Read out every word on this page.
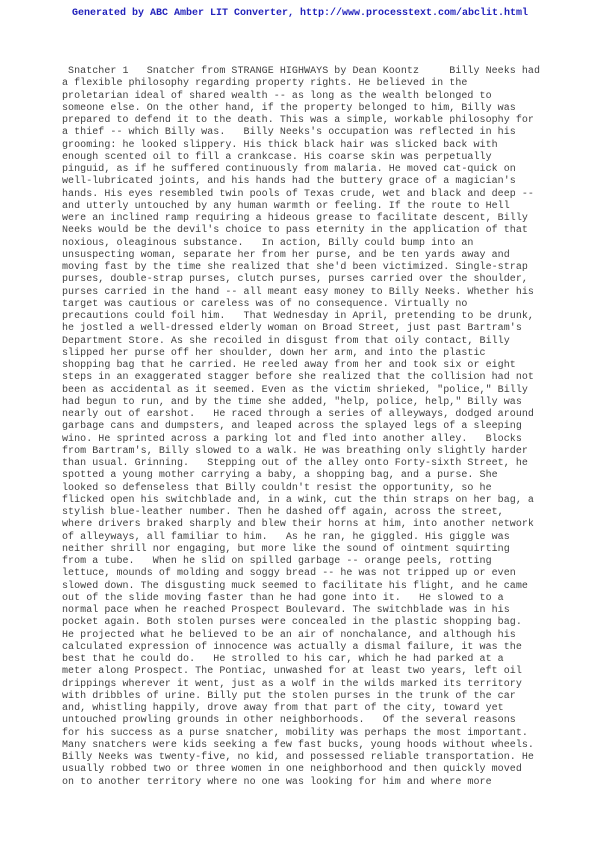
Generated by ABC Amber LIT Converter, http://www.processtext.com/abclit.html
Snatcher 1   Snatcher from STRANGE HIGHWAYS by Dean Koontz     Billy Neeks had
a flexible philosophy regarding property rights. He believed in the
proletarian ideal of shared wealth -- as long as the wealth belonged to
someone else. On the other hand, if the property belonged to him, Billy was
prepared to defend it to the death. This was a simple, workable philosophy for
a thief -- which Billy was.   Billy Neeks's occupation was reflected in his
grooming: he looked slippery. His thick black hair was slicked back with
enough scented oil to fill a crankcase. His coarse skin was perpetually
pinguid, as if he suffered continuously from malaria. He moved cat-quick on
well-lubricated joints, and his hands had the buttery grace of a magician's
hands. His eyes resembled twin pools of Texas crude, wet and black and deep --
and utterly untouched by any human warmth or feeling. If the route to Hell
were an inclined ramp requiring a hideous grease to facilitate descent, Billy
Neeks would be the devil's choice to pass eternity in the application of that
noxious, oleaginous substance.   In action, Billy could bump into an
unsuspecting woman, separate her from her purse, and be ten yards away and
moving fast by the time she realized that she'd been victimized. Single-strap
purses, double-strap purses, clutch purses, purses carried over the shoulder,
purses carried in the hand -- all meant easy money to Billy Neeks. Whether his
target was cautious or careless was of no consequence. Virtually no
precautions could foil him.   That Wednesday in April, pretending to be drunk,
he jostled a well-dressed elderly woman on Broad Street, just past Bartram's
Department Store. As she recoiled in disgust from that oily contact, Billy
slipped her purse off her shoulder, down her arm, and into the plastic
shopping bag that he carried. He reeled away from her and took six or eight
steps in an exaggerated stagger before she realized that the collision had not
been as accidental as it seemed. Even as the victim shrieked, "police," Billy
had begun to run, and by the time she added, "help, police, help," Billy was
nearly out of earshot.   He raced through a series of alleyways, dodged around
garbage cans and dumpsters, and leaped across the splayed legs of a sleeping
wino. He sprinted across a parking lot and fled into another alley.   Blocks
from Bartram's, Billy slowed to a walk. He was breathing only slightly harder
than usual. Grinning.   Stepping out of the alley onto Forty-sixth Street, he
spotted a young mother carrying a baby, a shopping bag, and a purse. She
looked so defenseless that Billy couldn't resist the opportunity, so he
flicked open his switchblade and, in a wink, cut the thin straps on her bag, a
stylish blue-leather number. Then he dashed off again, across the street,
where drivers braked sharply and blew their horns at him, into another network
of alleyways, all familiar to him.   As he ran, he giggled. His giggle was
neither shrill nor engaging, but more like the sound of ointment squirting
from a tube.   When he slid on spilled garbage -- orange peels, rotting
lettuce, mounds of molding and soggy bread -- he was not tripped up or even
slowed down. The disgusting muck seemed to facilitate his flight, and he came
out of the slide moving faster than he had gone into it.   He slowed to a
normal pace when he reached Prospect Boulevard. The switchblade was in his
pocket again. Both stolen purses were concealed in the plastic shopping bag.
He projected what he believed to be an air of nonchalance, and although his
calculated expression of innocence was actually a dismal failure, it was the
best that he could do.   He strolled to his car, which he had parked at a
meter along Prospect. The Pontiac, unwashed for at least two years, left oil
drippings wherever it went, just as a wolf in the wilds marked its territory
with dribbles of urine. Billy put the stolen purses in the trunk of the car
and, whistling happily, drove away from that part of the city, toward yet
untouched prowling grounds in other neighborhoods.   Of the several reasons
for his success as a purse snatcher, mobility was perhaps the most important.
Many snatchers were kids seeking a few fast bucks, young hoods without wheels.
Billy Neeks was twenty-five, no kid, and possessed reliable transportation. He
usually robbed two or three women in one neighborhood and then quickly moved
on to another territory where no one was looking for him and where more
